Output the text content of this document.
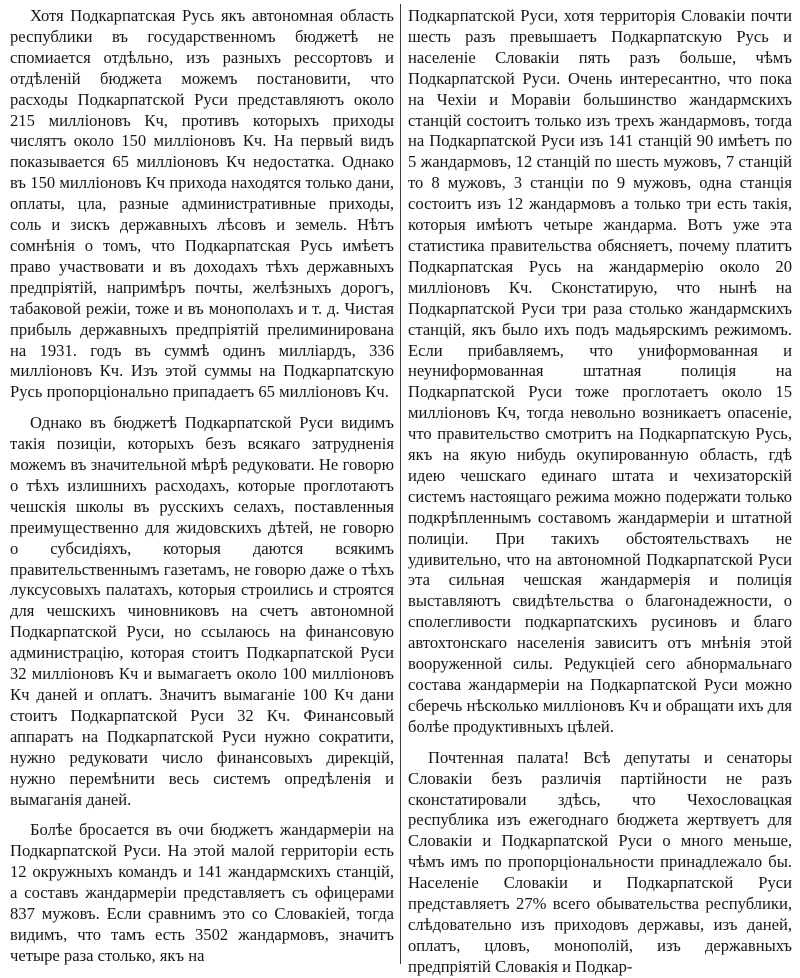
Хотя Подкарпатская Русь якъ автономная область республики въ государственномъ бюджетѣ не спомиается отдѣльно, изъ разныхъ рессортовъ и отдѣленій бюджета можемъ постановити, что расходы Подкарпатской Руси представляютъ около 215 милліоновъ Кч, противъ которыхъ приходы числятъ около 150 милліоновъ Кч. На первый видъ показывается 65 милліоновъ Кч недостатка. Однако въ 150 милліоновъ Кч прихода находятся только дани, оплаты, цла, разные административные приходы, соль и зискъ державныхъ лѣсовъ и земель. Нѣтъ сомнѣнія о томъ, что Подкарпатская Русь имѣетъ право участвовати и въ доходахъ тѣхъ державныхъ предпріятій, напримѣръ почты, желѣзныхъ дорогъ, табаковой режіи, тоже и въ монополахъ и т. д. Чистая прибыль державныхъ предпріятій прелиминирована на 1931. годъ въ суммѣ одинъ милліардъ, 336 милліоновъ Кч. Изъ этой суммы на Подкарпатскую Русь пропорціонально припадаетъ 65 милліоновъ Кч.

Однако въ бюджетѣ Подкарпатской Руси видимъ такія позиціи, которыхъ безъ всякаго затрудненія можемъ въ значительной мѣрѣ редуковати. Не говорю о тѣхъ излишнихъ расходахъ, которые проглотаютъ чешскія школы въ русскихъ селахъ, поставленныя преимущественно для жидовскихъ дѣтей, не говорю о субсидіяхъ, которыя даются всякимъ правительственнымъ газетамъ, не говорю даже о тѣхъ луксусовыхъ палатахъ, которыя строились и строятся для чешскихъ чиновниковъ на счетъ автономной Подкарпатской Руси, но ссылаюсь на финансовую администрацію, которая стоитъ Подкарпатской Руси 32 милліоновъ Кч и вымагаетъ около 100 милліоновъ Кч даней и оплатъ. Значитъ вымаганіе 100 Кч дани стоитъ Подкарпатской Руси 32 Кч. Финансовый аппаратъ на Подкарпатской Руси нужно сократити, нужно редуковати число финансовыхъ дирекцій, нужно перемѣнити весь системъ опредѣленія и вымаганія даней.

Болѣе бросается въ очи бюджетъ жандармеріи на Подкарпатской Руси. На этой малой герриторіи есть 12 окружныхъ командъ и 141 жандармскихъ станцій, а составъ жандармеріи представляетъ съ офицерами 837 мужовъ. Если сравнимъ это со Словакіей, тогда видимъ, что тамъ есть 3502 жандармовъ, значитъ четыре раза столько, якъ на

Подкарпатской Руси, хотя территорія Словакіи почти шесть разъ превышаетъ Подкарпатскую Русь и населеніе Словакіи пять разъ больше, чѣмъ Подкарпатской Руси. Очень интересантно, что пока на Чехіи и Моравіи большинство жандармскихъ станцій состоитъ только изъ трехъ жандармовъ, тогда на Подкарпатской Руси изъ 141 станцій 90 имѣетъ по 5 жандармовъ, 12 станцій по шесть мужовъ, 7 станцій то 8 мужовъ, 3 станціи по 9 мужовъ, одна станція состоитъ изъ 12 жандармовъ а только три есть такія, которыя имѣютъ четыре жандарма. Вотъ уже эта статистика правительства обясняетъ, почему платитъ Подкарпатская Русь на жандармерію около 20 милліоновъ Кч. Сконстатирую, что нынѣ на Подкарпатской Руси три раза столько жандармскихъ станцій, якъ было ихъ подъ мадьярскимъ режимомъ. Если прибавляемъ, что униформованная и неуниформованная штатная полиція на Подкарпатской Руси тоже проглотаетъ около 15 милліоновъ Кч, тогда невольно возникаетъ опасеніе, что правительство смотритъ на Подкарпатскую Русь, якъ на якую нибудь окупированную область, гдѣ идею чешскаго единаго штата и чехизаторскій системъ настоящаго режима можно подержати только подкрѣпленнымъ составомъ жандармеріи и штатной полиціи. При такихъ обстоятельствахъ не удивительно, что на автономной Подкарпатской Руси эта сильная чешская жандармерія и полиція выставляютъ свидѣтельства о благонадежности, о сполегливости подкарпатскихъ русиновъ и благо автохтонскаго населенія зависитъ отъ мнѣнія этой вооруженной силы. Редукціей сего абнормальнаго состава жандармеріи на Подкарпатской Руси можно сберечь нѣсколько милліоновъ Кч и обращати ихъ для болѣе продуктивныхъ цѣлей.

Почтенная палата! Всѣ депутаты и сенаторы Словакіи безъ различія партійности не разъ сконстатировали здѣсь, что Чехословацкая республика изъ ежегоднаго бюджета жертвуетъ для Словакіи и Подкарпатской Руси о много меньше, чѣмъ имъ по пропорціональности принадлежало бы. Населеніе Словакіи и Подкарпатской Руси представляетъ 27% всего обывательства республики, слѣдовательно изъ приходовъ державы, изъ даней, оплатъ, цловъ, монополій, изъ державныхъ предпріятій Словакія и Подкар-
